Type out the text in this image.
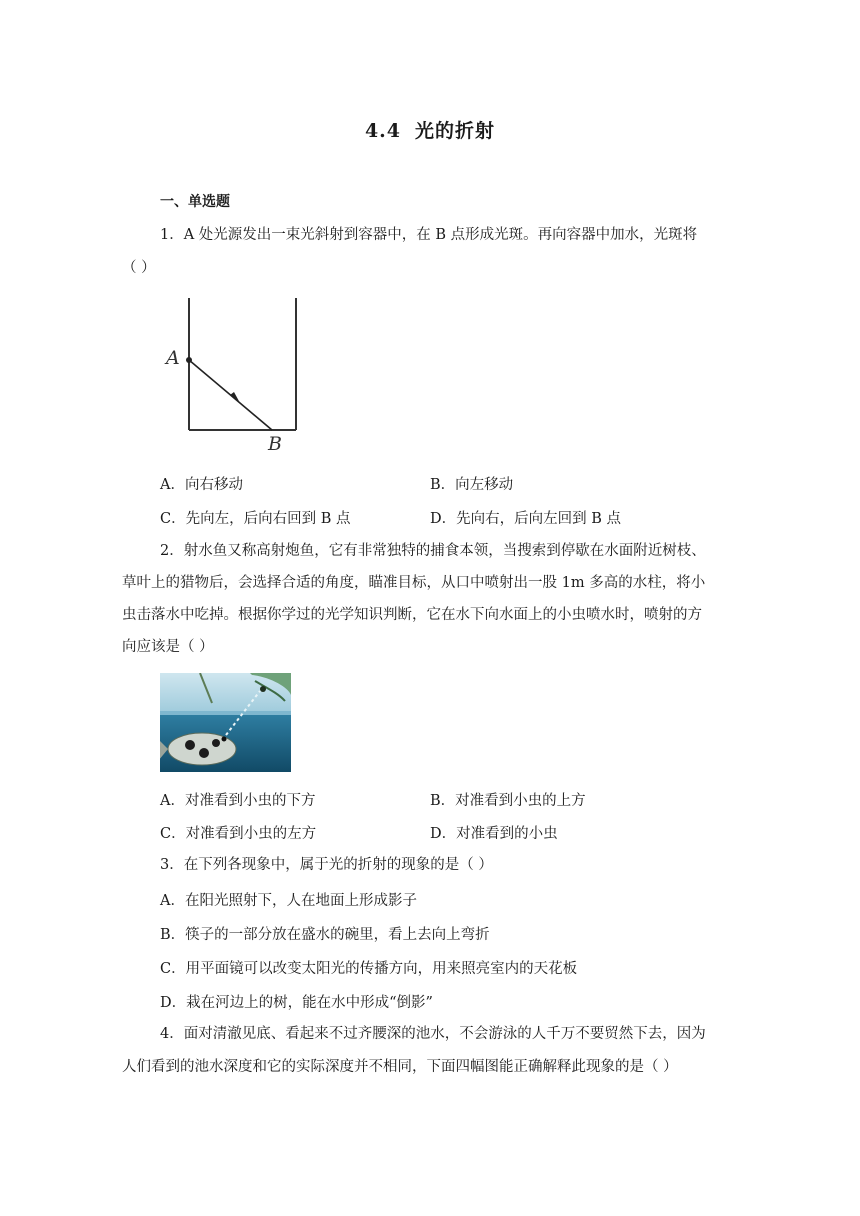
4.4 光的折射
一、单选题
1．A 处光源发出一束光斜射到容器中，在 B 点形成光斑。再向容器中加水，光斑将
（ ）
A
B
A．向右移动	B．向左移动
C．先向左，后向右回到 B 点	D．先向右，后向左回到 B 点
2．射水鱼又称高射炮鱼，它有非常独特的捕食本领，当搜索到停歇在水面附近树枝、
草叶上的猎物后，会选择合适的角度，瞄准目标，从口中喷射出一股 1m 多高的水柱，将小
虫击落水中吃掉。根据你学过的光学知识判断，它在水下向水面上的小虫喷水时，喷射的方
向应该是（ ）
A．对准看到小虫的下方	B．对准看到小虫的上方
C．对准看到小虫的左方	D．对准看到的小虫
3．在下列各现象中，属于光的折射的现象的是（ ）
A．在阳光照射下，人在地面上形成影子
B．筷子的一部分放在盛水的碗里，看上去向上弯折
C．用平面镜可以改变太阳光的传播方向，用来照亮室内的天花板
D．栽在河边上的树，能在水中形成“倒影”
4．面对清澈见底、看起来不过齐腰深的池水，不会游泳的人千万不要贸然下去，因为
人们看到的池水深度和它的实际深度并不相同，下面四幅图能正确解释此现象的是（ ）
